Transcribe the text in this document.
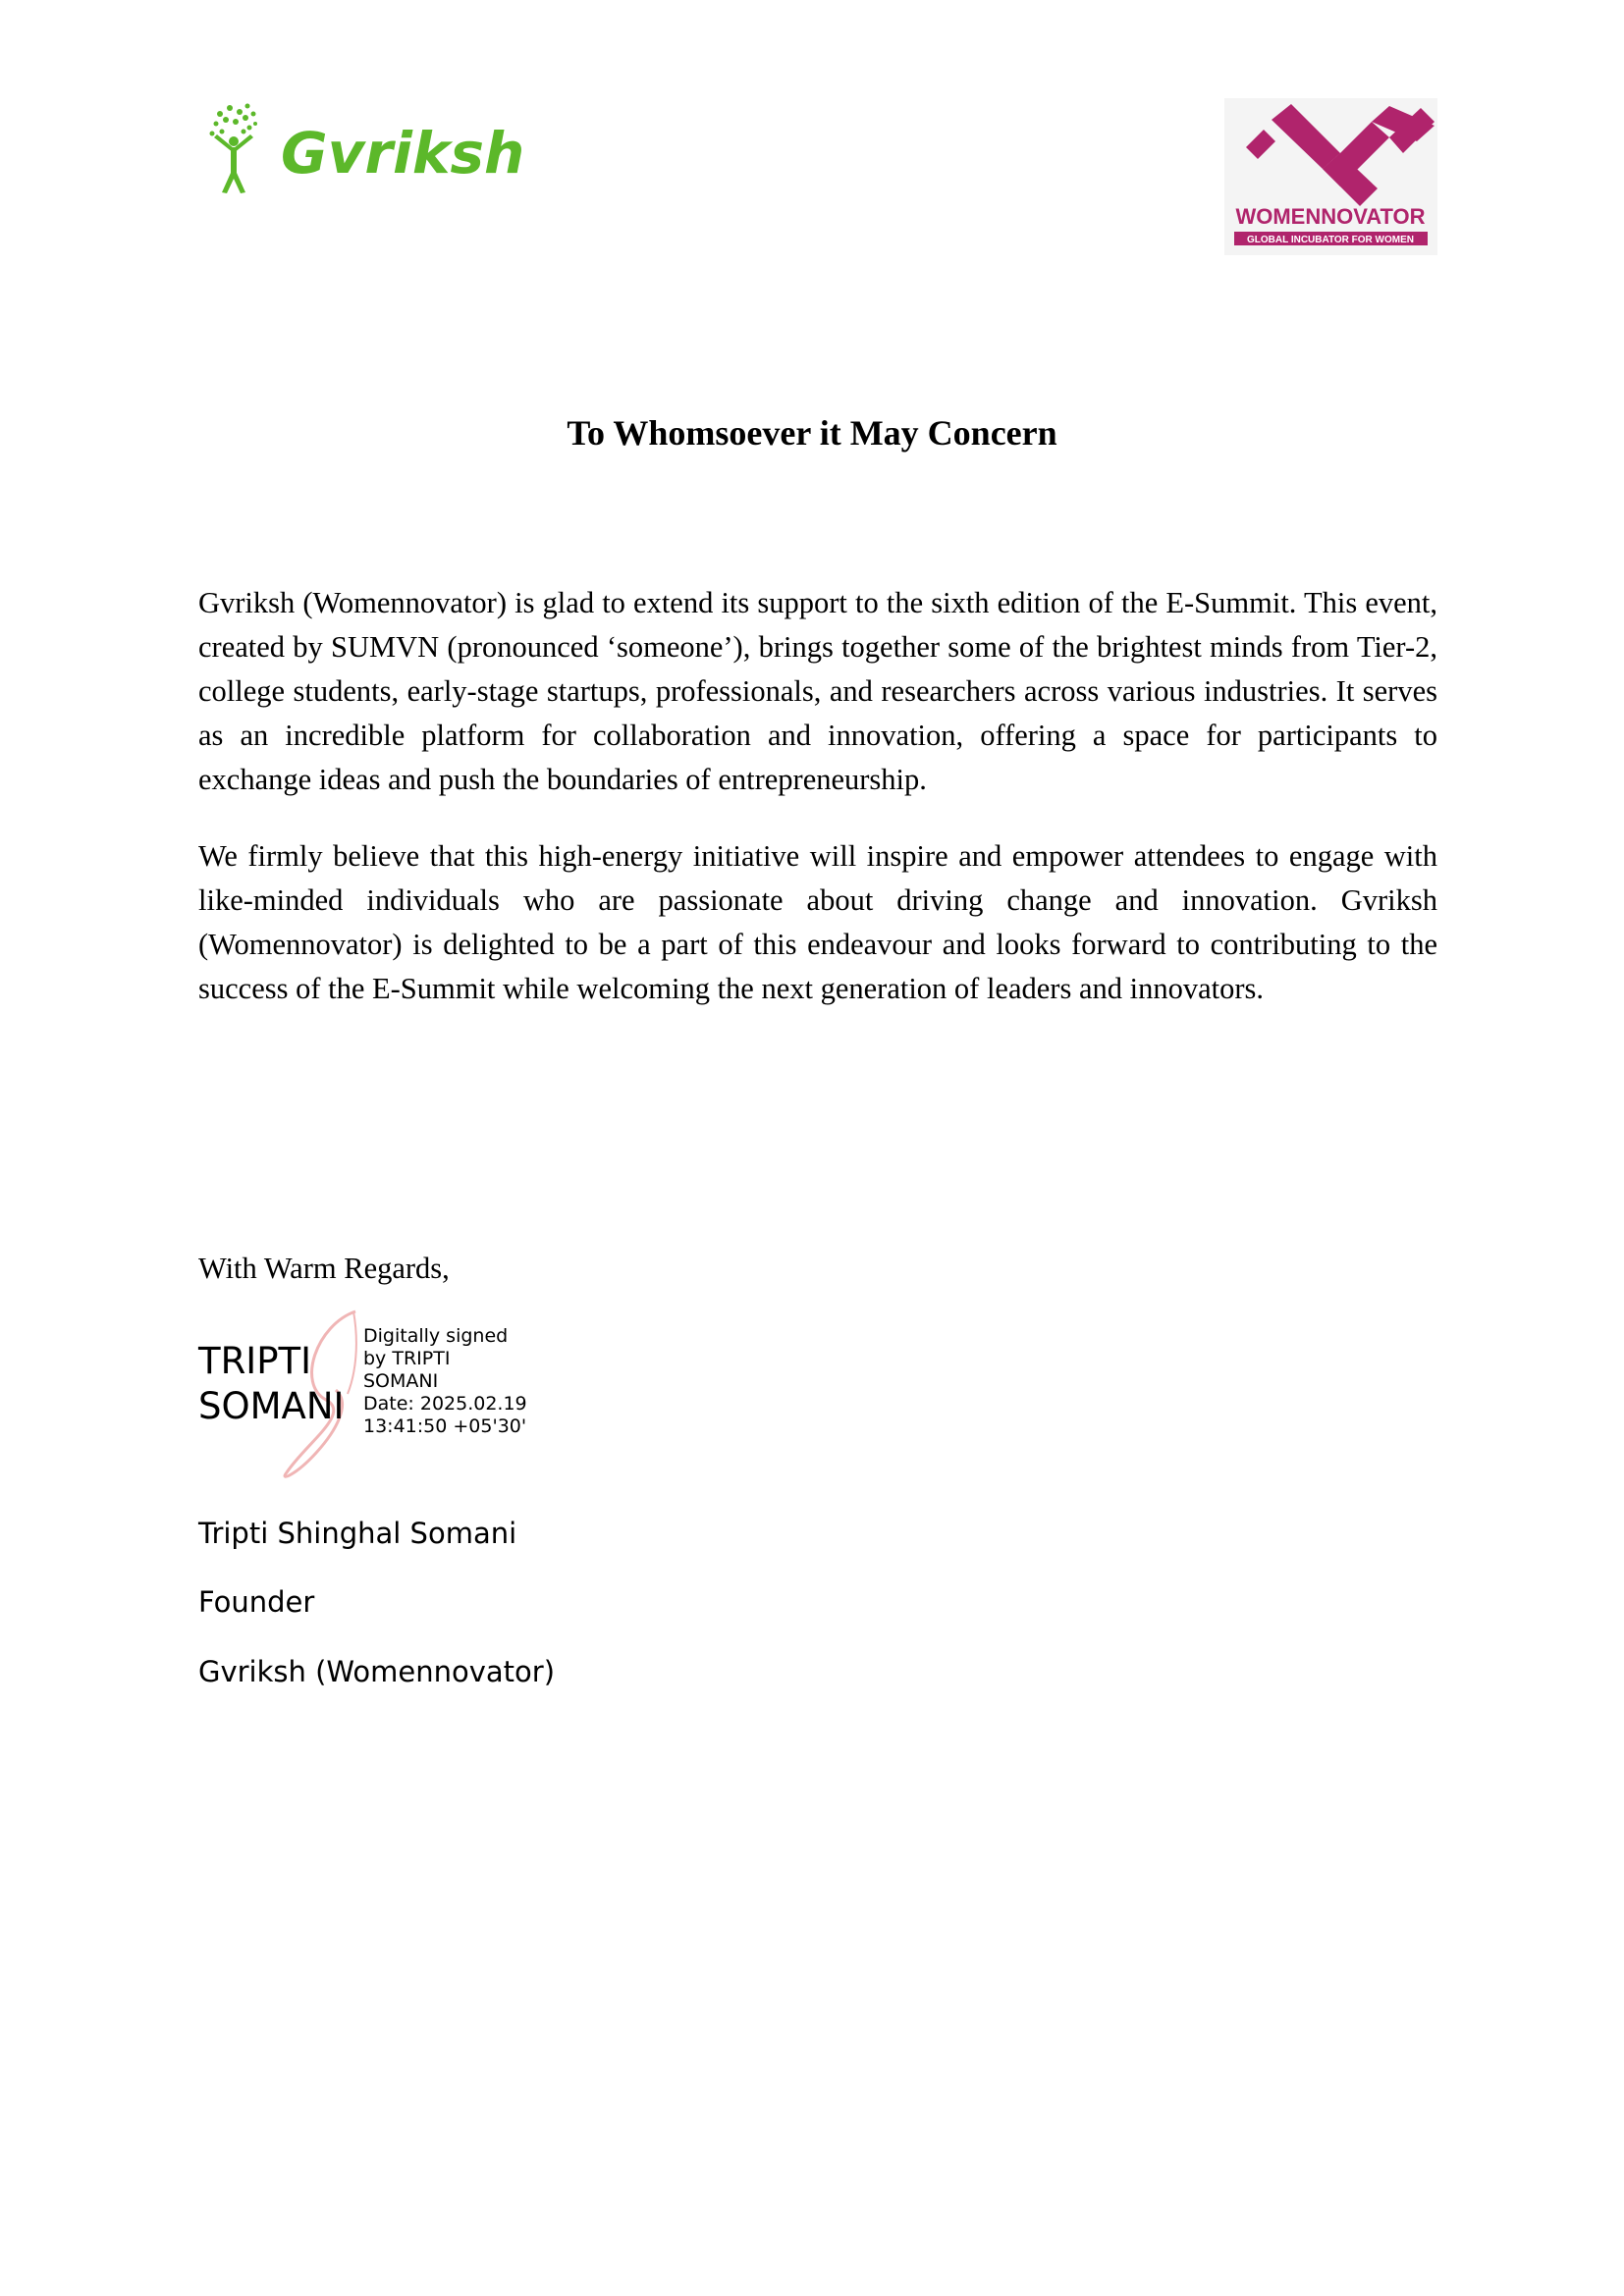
Gvriksh
WOMENNOVATOR
GLOBAL INCUBATOR FOR WOMEN
To Whomsoever it May Concern

Gvriksh (Womennovator) is glad to extend its support to the sixth edition of the E-Summit. This event, created by SUMVN (pronounced ‘someone’), brings together some of the brightest minds from Tier-2, college students, early-stage startups, professionals, and researchers across various industries. It serves as an incredible platform for collaboration and innovation, offering a space for participants to exchange ideas and push the boundaries of entrepreneurship.

We firmly believe that this high-energy initiative will inspire and empower attendees to engage with like-minded individuals who are passionate about driving change and innovation. Gvriksh (Womennovator) is delighted to be a part of this endeavour and looks forward to contributing to the success of the E-Summit while welcoming the next generation of leaders and innovators.

With Warm Regards,

TRIPTI
SOMANI
Digitally signed
by TRIPTI
SOMANI
Date: 2025.02.19
13:41:50 +05'30'

Tripti Shinghal Somani

Founder

Gvriksh (Womennovator)
